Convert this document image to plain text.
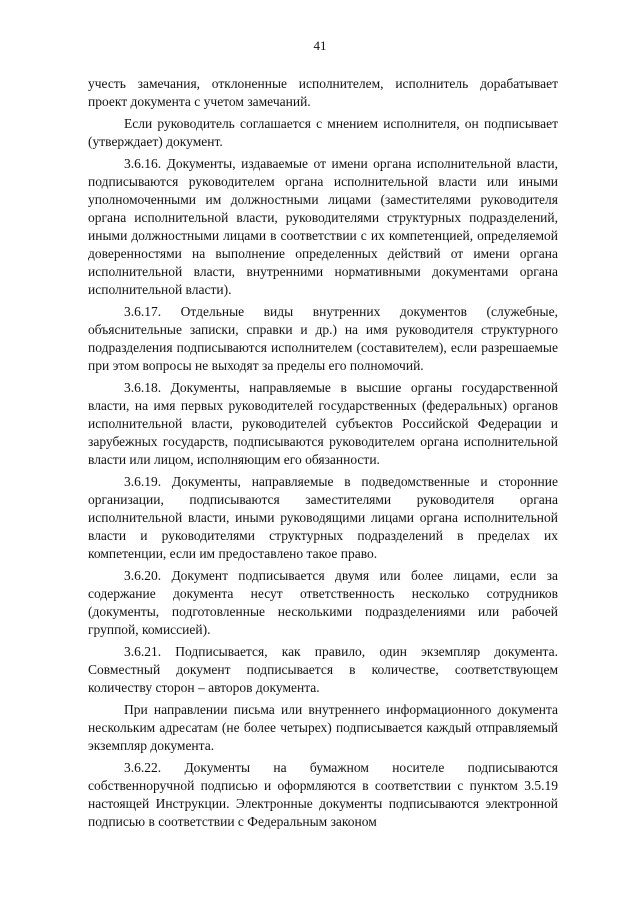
41

учесть замечания, отклоненные исполнителем, исполнитель дорабатывает проект документа с учетом замечаний.

Если руководитель соглашается с мнением исполнителя, он подписывает (утверждает) документ.

3.6.16. Документы, издаваемые от имени органа исполнительной власти, подписываются руководителем органа исполнительной власти или иными уполномоченными им должностными лицами (заместителями руководителя органа исполнительной власти, руководителями структурных подразделений, иными должностными лицами в соответствии с их компетенцией, определяемой доверенностями на выполнение определенных действий от имени органа исполнительной власти, внутренними нормативными документами органа исполнительной власти).

3.6.17. Отдельные виды внутренних документов (служебные, объяснительные записки, справки и др.) на имя руководителя структурного подразделения подписываются исполнителем (составителем), если разрешаемые при этом вопросы не выходят за пределы его полномочий.

3.6.18. Документы, направляемые в высшие органы государственной власти, на имя первых руководителей государственных (федеральных) органов исполнительной власти, руководителей субъектов Российской Федерации и зарубежных государств, подписываются руководителем органа исполнительной власти или лицом, исполняющим его обязанности.

3.6.19. Документы, направляемые в подведомственные и сторонние организации, подписываются заместителями руководителя органа исполнительной власти, иными руководящими лицами органа исполнительной власти и руководителями структурных подразделений в пределах их компетенции, если им предоставлено такое право.

3.6.20. Документ подписывается двумя или более лицами, если за содержание документа несут ответственность несколько сотрудников (документы, подготовленные несколькими подразделениями или рабочей группой, комиссией).

3.6.21. Подписывается, как правило, один экземпляр документа. Совместный документ подписывается в количестве, соответствующем количеству сторон – авторов документа.

При направлении письма или внутреннего информационного документа нескольким адресатам (не более четырех) подписывается каждый отправляемый экземпляр документа.

3.6.22. Документы на бумажном носителе подписываются собственноручной подписью и оформляются в соответствии с пунктом 3.5.19 настоящей Инструкции. Электронные документы подписываются электронной подписью в соответствии с Федеральным законом
